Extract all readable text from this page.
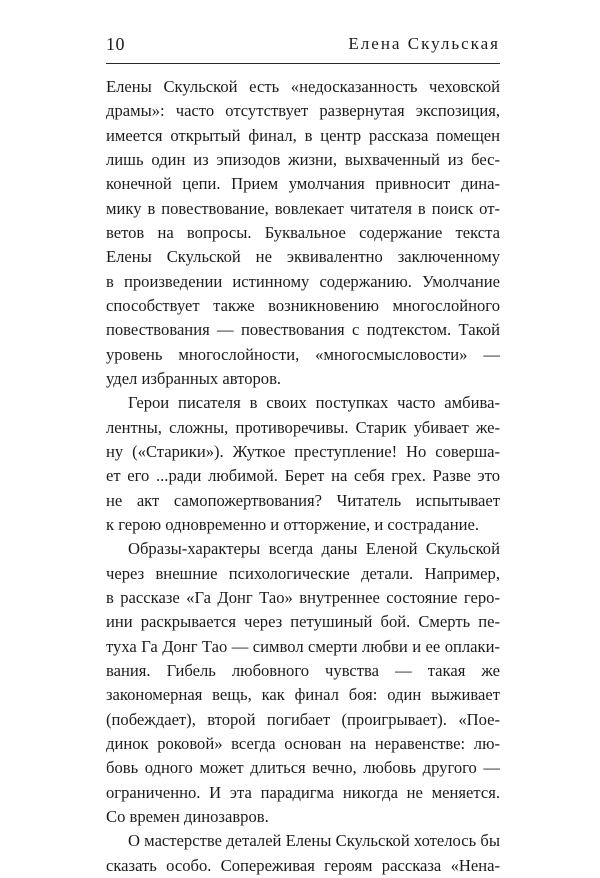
10	Елена Скульская
Елены Скульской есть «недосказанность чеховской
драмы»: часто отсутствует развернутая экспозиция,
имеется открытый финал, в центр рассказа помещен
лишь один из эпизодов жизни, выхваченный из бес-
конечной цепи. Прием умолчания привносит дина-
мику в повествование, вовлекает читателя в поиск от-
ветов на вопросы. Буквальное содержание текста
Елены Скульской не эквивалентно заключенному
в произведении истинному содержанию. Умолчание
способствует также возникновению многослойного
повествования — повествования с подтекстом. Такой
уровень многослойности, «многосмысловости» —
удел избранных авторов.
Герои писателя в своих поступках часто амбива-
лентны, сложны, противоречивы. Старик убивает же-
ну («Старики»). Жуткое преступление! Но соверша-
ет его ...ради любимой. Берет на себя грех. Разве это
не акт самопожертвования? Читатель испытывает
к герою одновременно и отторжение, и сострадание.
Образы-характеры всегда даны Еленой Скульской
через внешние психологические детали. Например,
в рассказе «Га Донг Тао» внутреннее состояние геро-
ини раскрывается через петушиный бой. Смерть пе-
туха Га Донг Тао — символ смерти любви и ее оплаки-
вания. Гибель любовного чувства — такая же
закономерная вещь, как финал боя: один выживает
(побеждает), второй погибает (проигрывает). «Пое-
динок роковой» всегда основан на неравенстве: лю-
бовь одного может длиться вечно, любовь другого —
ограниченно. И эта парадигма никогда не меняется.
Со времен динозавров.
О мастерстве деталей Елены Скульской хотелось бы
сказать особо. Сопереживая героям рассказа «Нена-
